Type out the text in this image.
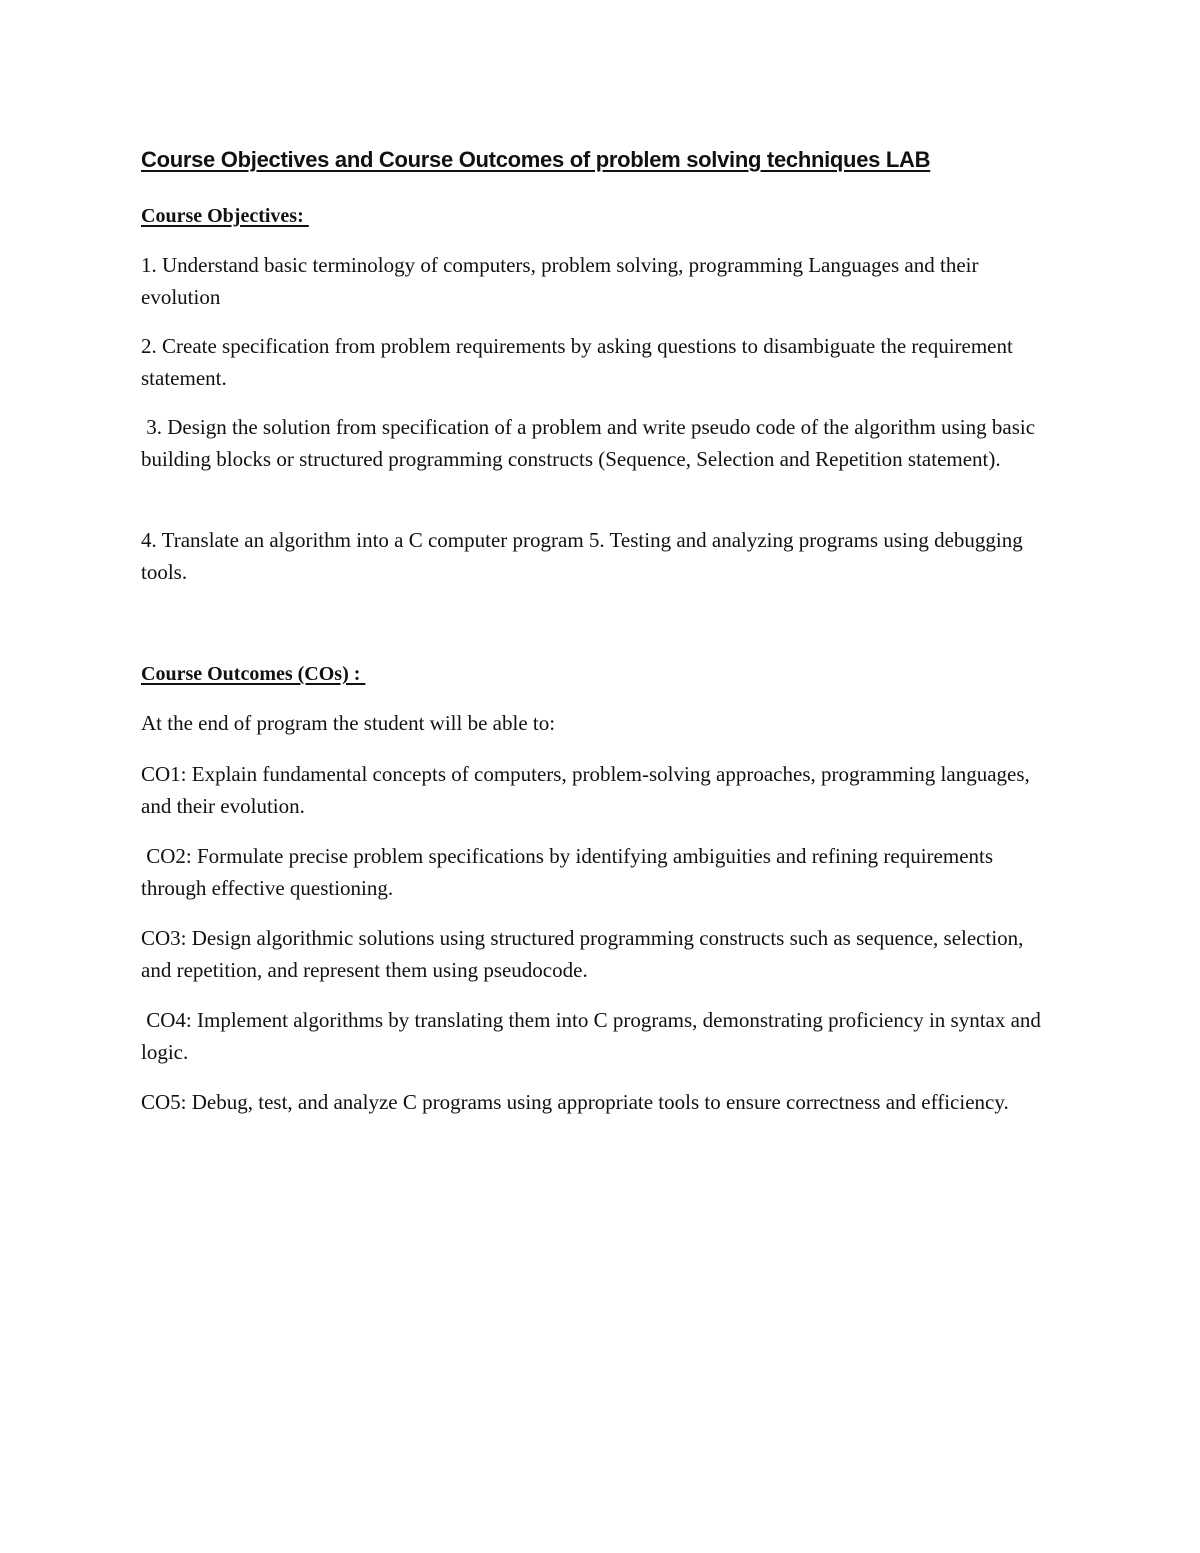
Course Objectives and Course Outcomes of problem solving techniques LAB
Course Objectives:
1. Understand basic terminology of computers, problem solving, programming Languages and their evolution
2. Create specification from problem requirements by asking questions to disambiguate the requirement statement.
3. Design the solution from specification of a problem and write pseudo code of the algorithm using basic building blocks or structured programming constructs (Sequence, Selection and Repetition statement).
4. Translate an algorithm into a C computer program 5. Testing and analyzing programs using debugging tools.
Course Outcomes (COs) :
At the end of program the student will be able to:
CO1: Explain fundamental concepts of computers, problem-solving approaches, programming languages, and their evolution.
CO2: Formulate precise problem specifications by identifying ambiguities and refining requirements through effective questioning.
CO3: Design algorithmic solutions using structured programming constructs such as sequence, selection, and repetition, and represent them using pseudocode.
CO4: Implement algorithms by translating them into C programs, demonstrating proficiency in syntax and logic.
CO5: Debug, test, and analyze C programs using appropriate tools to ensure correctness and efficiency.
